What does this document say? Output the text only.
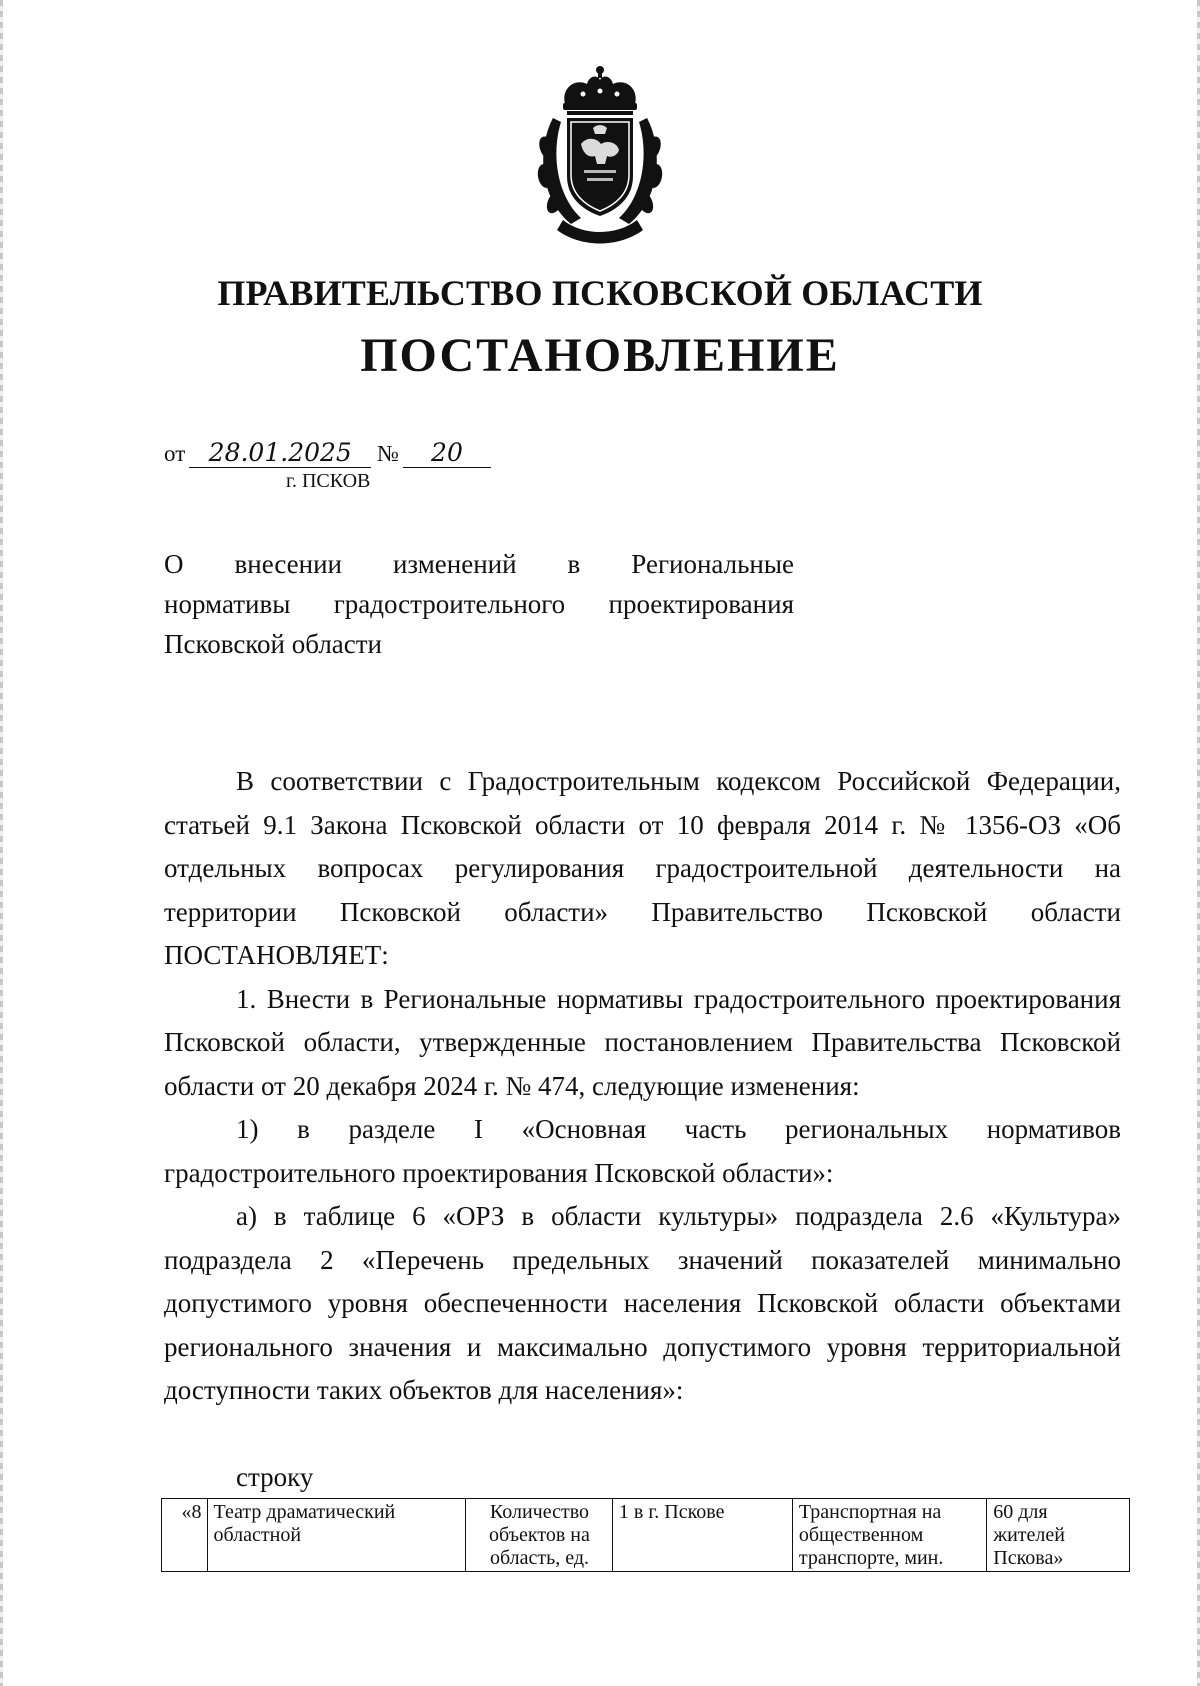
ПРАВИТЕЛЬСТВО ПСКОВСКОЙ ОБЛАСТИ
ПОСТАНОВЛЕНИЕ
от 28.01.2025 № 20
г. ПСКОВ
О внесении изменений в Региональные
нормативы градостроительного проектирования
Псковской области

В соответствии с Градостроительным кодексом Российской Федерации, статьей 9.1 Закона Псковской области от 10 февраля 2014 г. № 1356-ОЗ «Об отдельных вопросах регулирования градостроительной деятельности на территории Псковской области» Правительство Псковской области ПОСТАНОВЛЯЕТ:

1. Внести в Региональные нормативы градостроительного проектирования Псковской области, утвержденные постановлением Правительства Псковской области от 20 декабря 2024 г. № 474, следующие изменения:

1) в разделе I «Основная часть региональных нормативов градостроительного проектирования Псковской области»:

а) в таблице 6 «ОРЗ в области культуры» подраздела 2.6 «Культура» подраздела 2 «Перечень предельных значений показателей минимально допустимого уровня обеспеченности населения Псковской области объектами регионального значения и максимально допустимого уровня территориальной доступности таких объектов для населения»:

строку
«8	Театр драматический областной	Количество объектов на область, ед.	1 в г. Пскове	Транспортная на общественном транспорте, мин.	60 для жителей Пскова»
